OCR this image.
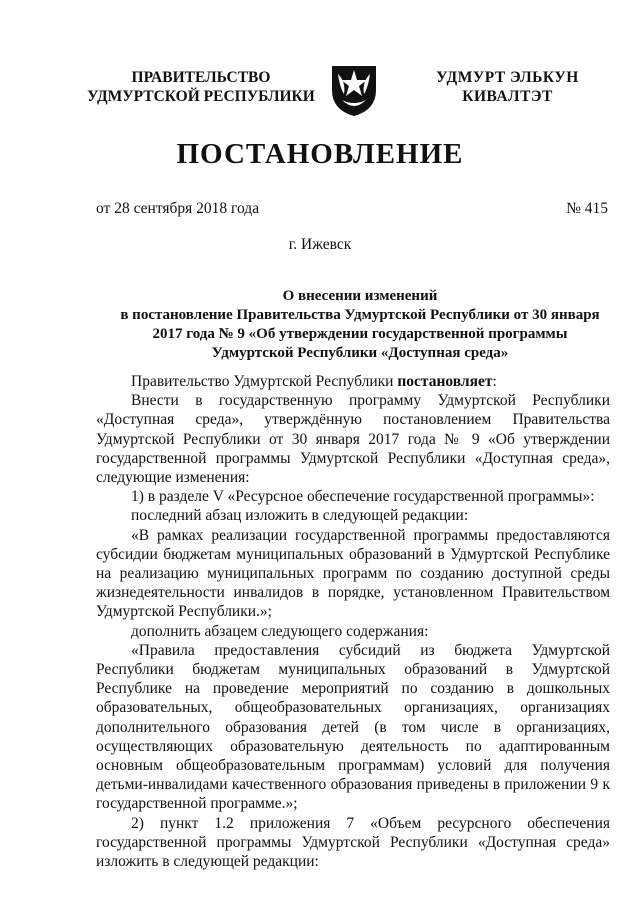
ПРАВИТЕЛЬСТВО
УДМУРТСКОЙ РЕСПУБЛИКИ
УДМУРТ ЭЛЬКУН
КИВАЛТЭТ
ПОСТАНОВЛЕНИЕ
от 28 сентября 2018 года	№ 415
г. Ижевск
О внесении изменений
в постановление Правительства Удмуртской Республики от 30 января
2017 года № 9 «Об утверждении государственной программы
Удмуртской Республики «Доступная среда»

Правительство Удмуртской Республики постановляет:

Внести в государственную программу Удмуртской Республики «Доступная среда», утверждённую постановлением Правительства Удмуртской Республики от 30 января 2017 года № 9 «Об утверждении государственной программы Удмуртской Республики «Доступная среда», следующие изменения:

1) в разделе V «Ресурсное обеспечение государственной программы»:

последний абзац изложить в следующей редакции:

«В рамках реализации государственной программы предоставляются субсидии бюджетам муниципальных образований в Удмуртской Республике на реализацию муниципальных программ по созданию доступной среды жизнедеятельности инвалидов в порядке, установленном Правительством Удмуртской Республики.»;

дополнить абзацем следующего содержания:

«Правила предоставления субсидий из бюджета Удмуртской Республики бюджетам муниципальных образований в Удмуртской Республике на проведение мероприятий по созданию в дошкольных образовательных, общеобразовательных организациях, организациях дополнительного образования детей (в том числе в организациях, осуществляющих образовательную деятельность по адаптированным основным общеобразовательным программам) условий для получения детьми-инвалидами качественного образования приведены в приложении 9 к государственной программе.»;

2) пункт 1.2 приложения 7 «Объем ресурсного обеспечения государственной программы Удмуртской Республики «Доступная среда» изложить в следующей редакции:
